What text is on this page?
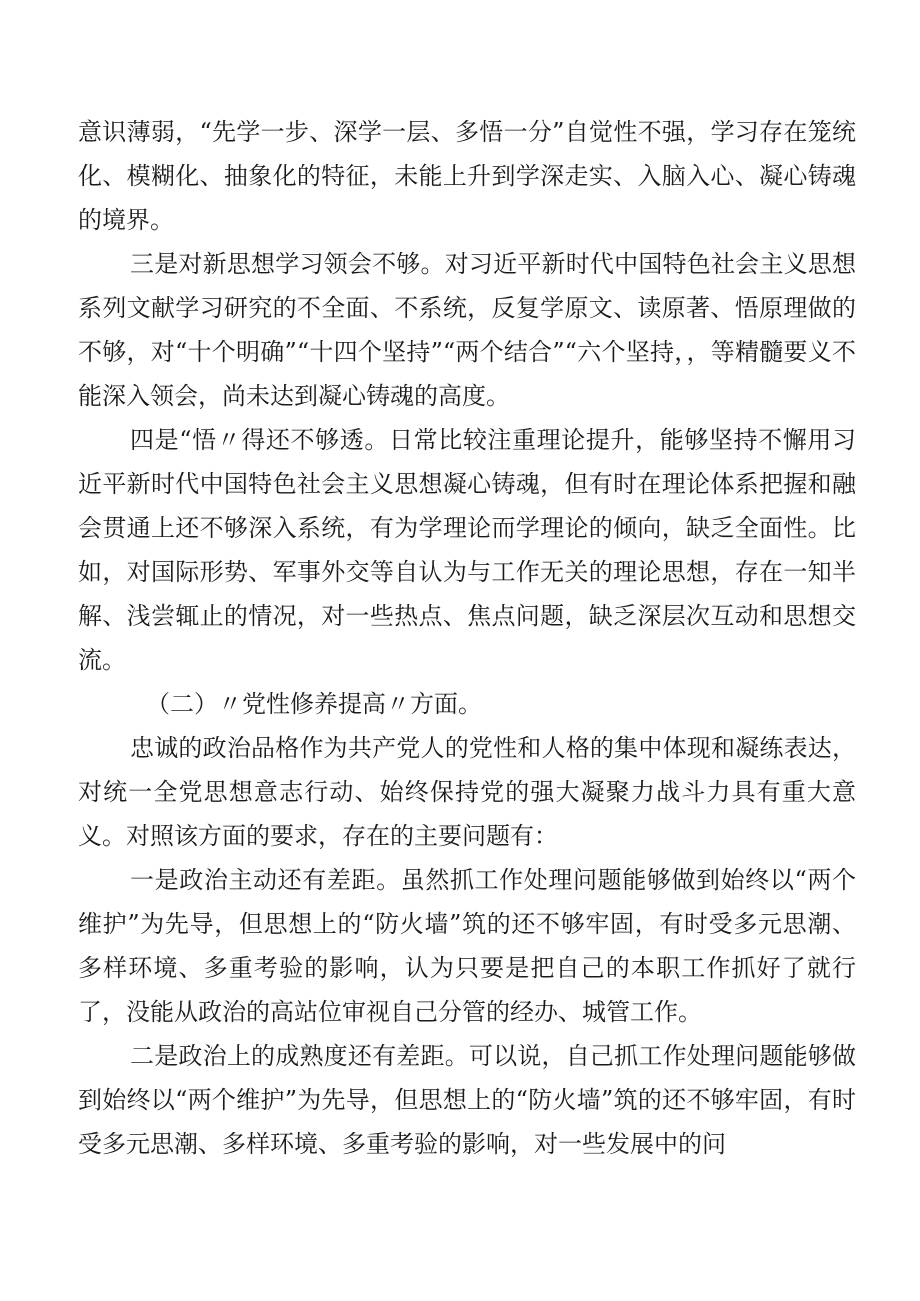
意识薄弱，“先学一步、深学一层、多悟一分”自觉性不强，学习存在笼统化、模糊化、抽象化的特征，未能上升到学深走实、入脑入心、凝心铸魂的境界。

三是对新思想学习领会不够。对习近平新时代中国特色社会主义思想系列文献学习研究的不全面、不系统，反复学原文、读原著、悟原理做的不够，对“十个明确”“十四个坚持”“两个结合”“六个坚持，，等精髓要义不能深入领会，尚未达到凝心铸魂的高度。

四是“悟〃得还不够透。日常比较注重理论提升，能够坚持不懈用习近平新时代中国特色社会主义思想凝心铸魂，但有时在理论体系把握和融会贯通上还不够深入系统，有为学理论而学理论的倾向，缺乏全面性。比如，对国际形势、军事外交等自认为与工作无关的理论思想，存在一知半解、浅尝辄止的情况，对一些热点、焦点问题，缺乏深层次互动和思想交流。

（二）〃党性修养提高〃方面。

忠诚的政治品格作为共产党人的党性和人格的集中体现和凝练表达，对统一全党思想意志行动、始终保持党的强大凝聚力战斗力具有重大意义。对照该方面的要求，存在的主要问题有：

一是政治主动还有差距。虽然抓工作处理问题能够做到始终以“两个维护”为先导，但思想上的“防火墙”筑的还不够牢固，有时受多元思潮、多样环境、多重考验的影响，认为只要是把自己的本职工作抓好了就行了，没能从政治的高站位审视自己分管的经办、城管工作。

二是政治上的成熟度还有差距。可以说，自己抓工作处理问题能够做到始终以“两个维护”为先导，但思想上的“防火墙”筑的还不够牢固，有时受多元思潮、多样环境、多重考验的影响，对一些发展中的问
